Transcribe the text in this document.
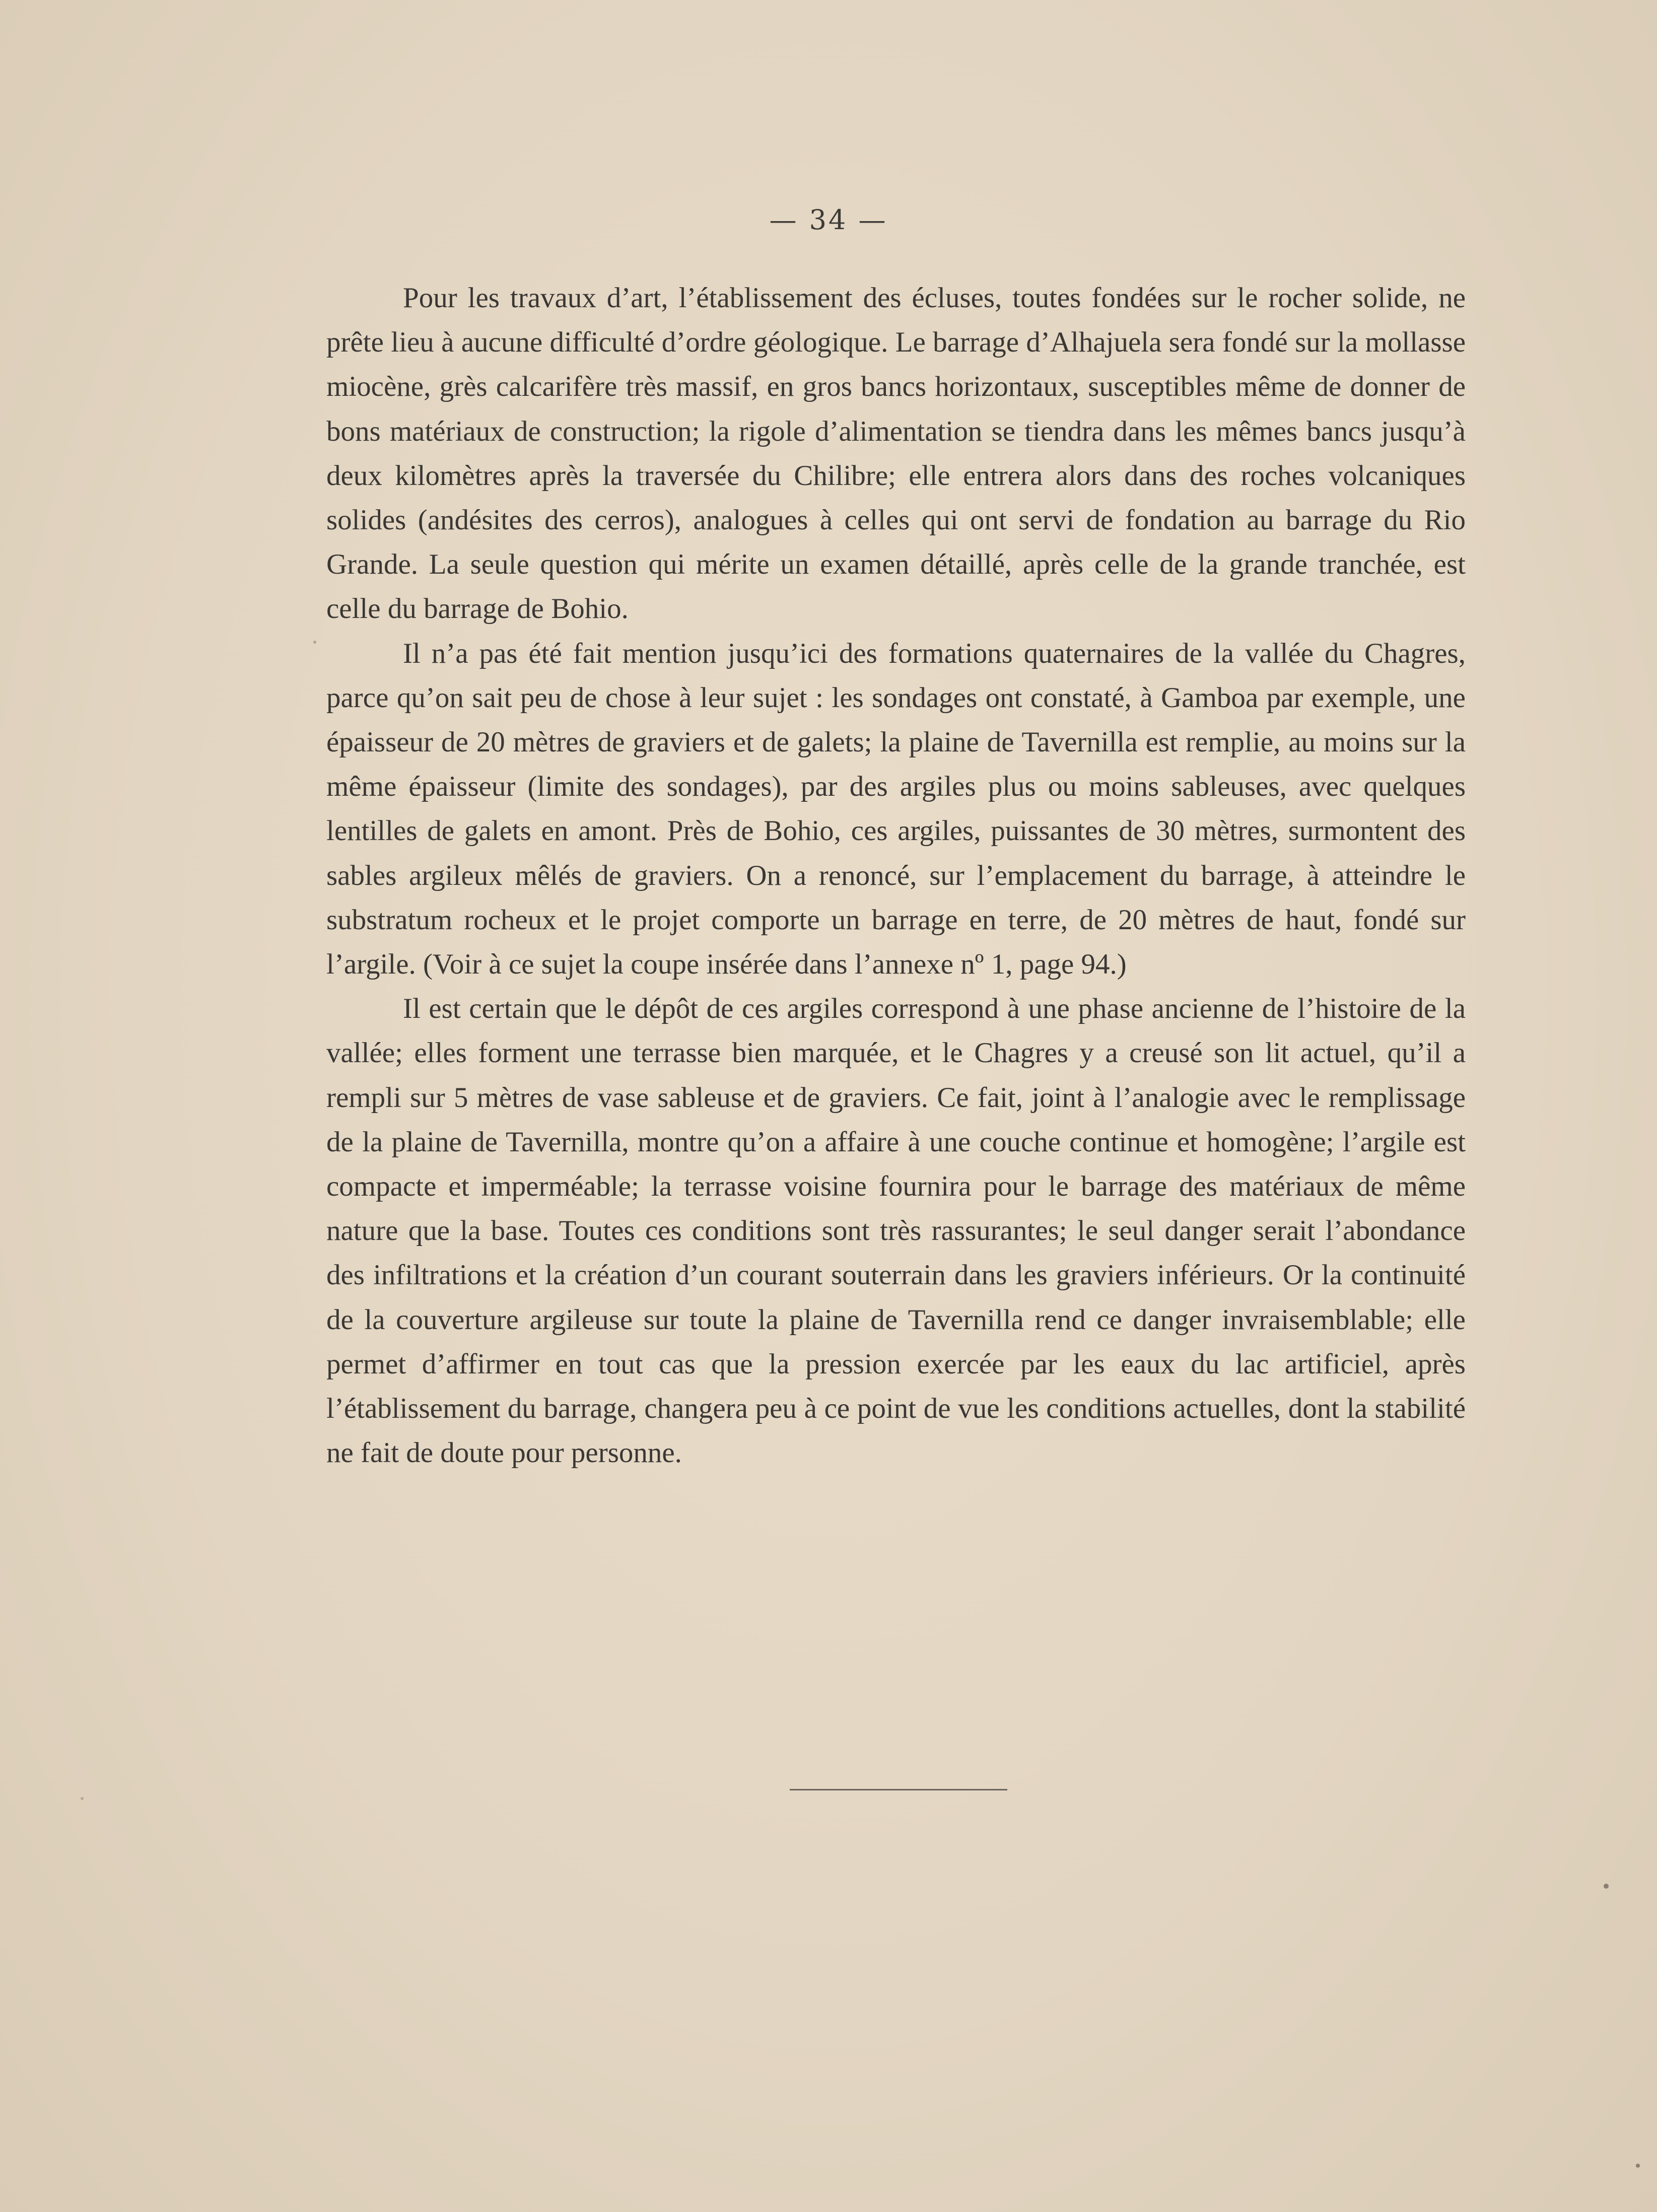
— 34 —

Pour les travaux d’art, l’établissement des écluses, toutes fondées sur le rocher solide, ne prête lieu à aucune difficulté d’ordre géologique. Le barrage d’Alhajuela sera fondé sur la mollasse miocène, grès calcarifère très massif, en gros bancs horizontaux, susceptibles même de donner de bons matériaux de construction; la rigole d’alimentation se tiendra dans les mêmes bancs jusqu’à deux kilomètres après la traversée du Chilibre; elle entrera alors dans des roches volcaniques solides (andésites des cerros), analogues à celles qui ont servi de fondation au barrage du Rio Grande. La seule question qui mérite un examen détaillé, après celle de la grande tranchée, est celle du barrage de Bohio.

Il n’a pas été fait mention jusqu’ici des formations quaternaires de la vallée du Chagres, parce qu’on sait peu de chose à leur sujet : les sondages ont constaté, à Gamboa par exemple, une épaisseur de 20 mètres de graviers et de galets; la plaine de Tavernilla est remplie, au moins sur la même épaisseur (limite des sondages), par des argiles plus ou moins sableuses, avec quelques lentilles de galets en amont. Près de Bohio, ces argiles, puissantes de 30 mètres, surmontent des sables argileux mêlés de graviers. On a renoncé, sur l’emplacement du barrage, à atteindre le substratum rocheux et le projet comporte un barrage en terre, de 20 mètres de haut, fondé sur l’argile. (Voir à ce sujet la coupe insérée dans l’annexe nº 1, page 94.)

Il est certain que le dépôt de ces argiles correspond à une phase ancienne de l’histoire de la vallée; elles forment une terrasse bien marquée, et le Chagres y a creusé son lit actuel, qu’il a rempli sur 5 mètres de vase sableuse et de graviers. Ce fait, joint à l’analogie avec le remplissage de la plaine de Tavernilla, montre qu’on a affaire à une couche continue et homogène; l’argile est compacte et imperméable; la terrasse voisine fournira pour le barrage des matériaux de même nature que la base. Toutes ces conditions sont très rassurantes; le seul danger serait l’abondance des infiltrations et la création d’un courant souterrain dans les graviers inférieurs. Or la continuité de la couverture argileuse sur toute la plaine de Tavernilla rend ce danger invraisemblable; elle permet d’affirmer en tout cas que la pression exercée par les eaux du lac artificiel, après l’établissement du barrage, changera peu à ce point de vue les conditions actuelles, dont la stabilité ne fait de doute pour personne.
